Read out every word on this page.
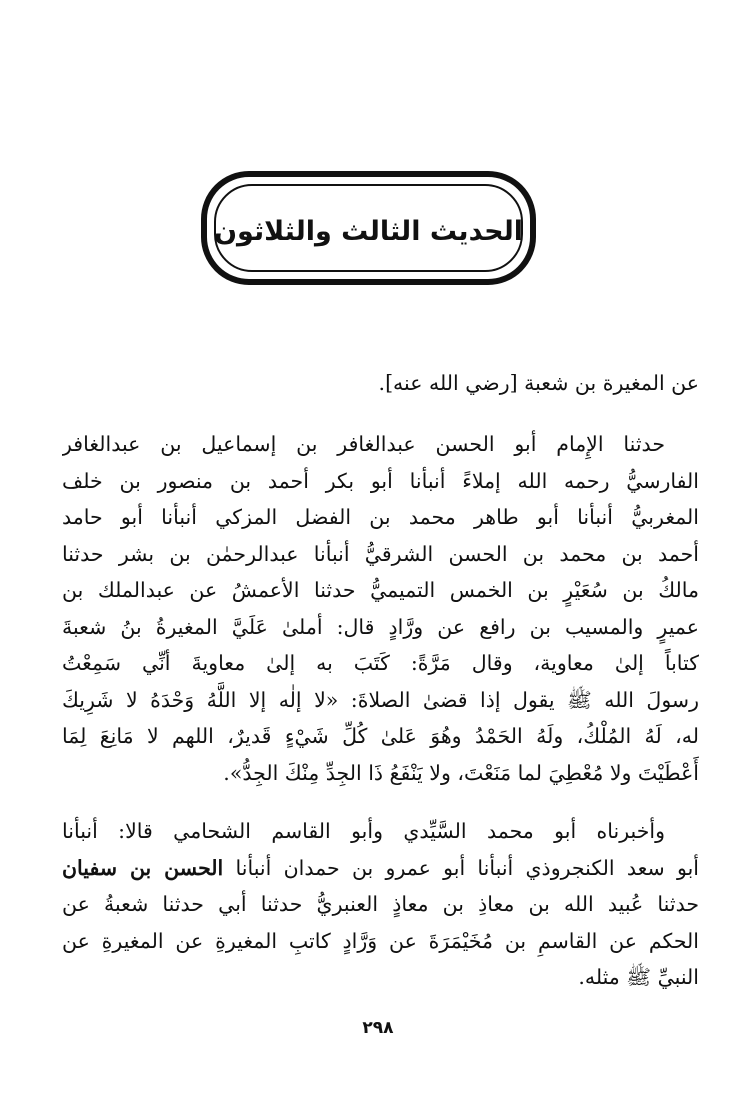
الحديث الثالث والثلاثون
عن المغيرة بن شعبة [رضي الله عنه].
حدثنا الإِمام أبو الحسن عبدالغافر بن إسماعيل بن عبدالغافر
الفارسيُّ رحمه الله إملاءً أنبأنا أبو بكر أحمد بن منصور بن خلف
المغربيُّ أنبأنا أبو طاهر محمد بن الفضل المزكي أنبأنا أبو حامد
أحمد بن محمد بن الحسن الشرقيُّ أنبأنا عبدالرحمٰن بن بشر حدثنا
مالكُ بن سُعَيْرٍ بن الخمس التميميُّ حدثنا الأعمشُ عن عبدالملك بن
عميرٍ والمسيب بن رافع عن ورَّادٍ قال: أملىٰ عَلَيَّ المغيرةُ بنُ شعبةَ
كتاباً إلىٰ معاوية، وقال مَرَّةً: كَتَبَ به إلىٰ معاويةَ أنِّي سَمِعْتُ
رسولَ الله ﷺ يقول إذا قضىٰ الصلاةَ: «لا إلٰه إلا اللَّهُ وَحْدَهُ لا شَرِيكَ
له، لَهُ المُلْكُ، ولَهُ الحَمْدُ وهُوَ عَلىٰ كُلِّ شَيْءٍ قَديرٌ، اللهم لا مَانِعَ لِمَا
أَعْطَيْتَ ولا مُعْطِيَ لما مَنَعْتَ، ولا يَنْفَعُ ذَا الجِدِّ مِنْكَ الجِدُّ».
وأخبرناه أبو محمد السَّيِّدي وأبو القاسم الشحامي قالا: أنبأنا
أبو سعد الكنجروذي أنبأنا أبو عمرو بن حمدان أنبأنا الحسن بن سفيان
حدثنا عُبيد الله بن معاذِ بن معاذٍ العنبريُّ حدثنا أبي حدثنا شعبةُ عن
الحكم عن القاسمِ بن مُخَيْمَرَةَ عن وَرَّادٍ كاتبِ المغيرةِ عن المغيرةِ عن
النبيِّ ﷺ مثله.
٢٩٨
